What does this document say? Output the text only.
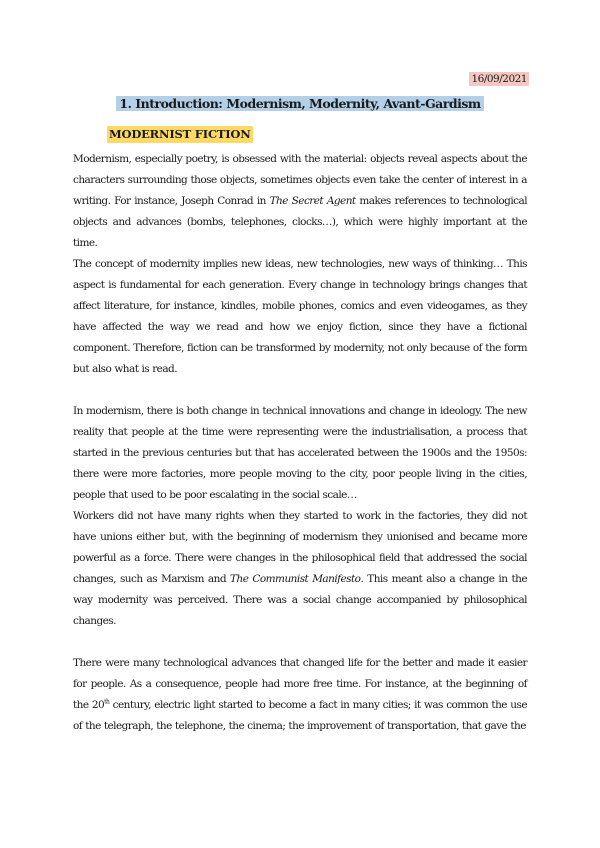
16/09/2021
1. Introduction: Modernism, Modernity, Avant-Gardism
MODERNIST FICTION

Modernism, especially poetry, is obsessed with the material: objects reveal aspects about the characters surrounding those objects, sometimes objects even take the center of interest in a writing. For instance, Joseph Conrad in The Secret Agent makes references to technological objects and advances (bombs, telephones, clocks…), which were highly important at the time.

The concept of modernity implies new ideas, new technologies, new ways of thinking… This aspect is fundamental for each generation. Every change in technology brings changes that affect literature, for instance, kindles, mobile phones, comics and even videogames, as they have affected the way we read and how we enjoy fiction, since they have a fictional component. Therefore, fiction can be transformed by modernity, not only because of the form but also what is read.

In modernism, there is both change in technical innovations and change in ideology. The new reality that people at the time were representing were the industrialisation, a process that started in the previous centuries but that has accelerated between the 1900s and the 1950s: there were more factories, more people moving to the city, poor people living in the cities, people that used to be poor escalating in the social scale…

Workers did not have many rights when they started to work in the factories, they did not have unions either but, with the beginning of modernism they unionised and became more powerful as a force. There were changes in the philosophical field that addressed the social changes, such as Marxism and The Communist Manifesto. This meant also a change in the way modernity was perceived. There was a social change accompanied by philosophical changes.

There were many technological advances that changed life for the better and made it easier for people. As a consequence, people had more free time. For instance, at the beginning of the 20th century, electric light started to become a fact in many cities; it was common the use of the telegraph, the telephone, the cinema; the improvement of transportation, that gave the
